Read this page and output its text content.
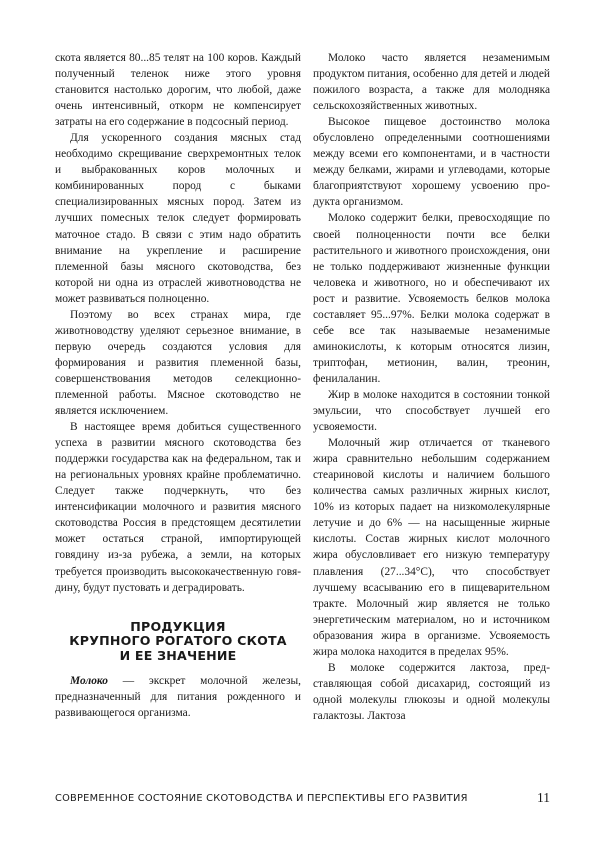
скота является 80...85 телят на 100 коров. Каждый полученный теленок ниже этого уровня становится настолько дорогим, что любой, даже очень интенсивный, откорм не компенсирует затраты на его содержание в подсосный период.

Для ускоренного создания мясных стад необходимо скрещивание сверхремонтных телок и выбракованных коров молочных и комбинированных пород с быками специализированных мясных пород. Затем из лучших помесных телок следует формировать маточное стадо. В связи с этим надо обратить внимание на укрепление и расширение племенной базы мясного скотоводства, без которой ни одна из отраслей животноводства не может развиваться полноценно.

Поэтому во всех странах мира, где животноводству уделяют серьезное внимание, в первую очередь создаются условия для формирования и развития племенной базы, совершенствования методов селекционно-племенной работы. Мясное скотоводство не является исключением.

В настоящее время добиться существенного успеха в развитии мясного скотоводства без поддержки государства как на федеральном, так и на региональных уровнях крайне проблематично. Следует также подчеркнуть, что без интенсификации молочного и развития мясного скотоводства Россия в предстоящем десятилетии может остаться страной, импортирующей говядину из-за рубежа, а земли, на которых требуется производить высококачественную говядину, будут пустовать и деградировать.

ПРОДУКЦИЯ
КРУПНОГО РОГАТОГО СКОТА
И ЕЕ ЗНАЧЕНИЕ

Молоко — экскрет молочной железы, предназначенный для питания рожденного и развивающегося организма.

Молоко часто является незаменимым продуктом питания, особенно для детей и людей пожилого возраста, а также для молодняка сельскохозяйственных животных.

Высокое пищевое достоинство молока обусловлено определенными соотношениями между всеми его компонентами, и в частности между белками, жирами и углеводами, которые благоприятствуют хорошему усвоению продукта организмом.

Молоко содержит белки, превосходящие по своей полноценности почти все белки растительного и животного происхождения, они не только поддерживают жизненные функции человека и животного, но и обеспечивают их рост и развитие. Усвояемость белков молока составляет 95...97%. Белки молока содержат в себе все так называемые незаменимые аминокислоты, к которым относятся лизин, триптофан, метионин, валин, треонин, фенилаланин.

Жир в молоке находится в состоянии тонкой эмульсии, что способствует лучшей его усвояемости.

Молочный жир отличается от тканевого жира сравнительно небольшим содержанием стеариновой кислоты и наличием большого количества самых различных жирных кислот, 10% из которых падает на низкомолекулярные летучие и до 6% — на насыщенные жирные кислоты. Состав жирных кислот молочного жира обусловливает его низкую температуру плавления (27...34°С), что способствует лучшему всасыванию его в пищеварительном тракте. Молочный жир является не только энергетическим материалом, но и источником образования жира в организме. Усвояемость жира молока находится в пределах 95%.

В молоке содержится лактоза, представляющая собой дисахарид, состоящий из одной молекулы глюкозы и одной молекулы галактозы. Лактоза

СОВРЕМЕННОЕ СОСТОЯНИЕ СКОТОВОДСТВА И ПЕРСПЕКТИВЫ ЕГО РАЗВИТИЯ	11
